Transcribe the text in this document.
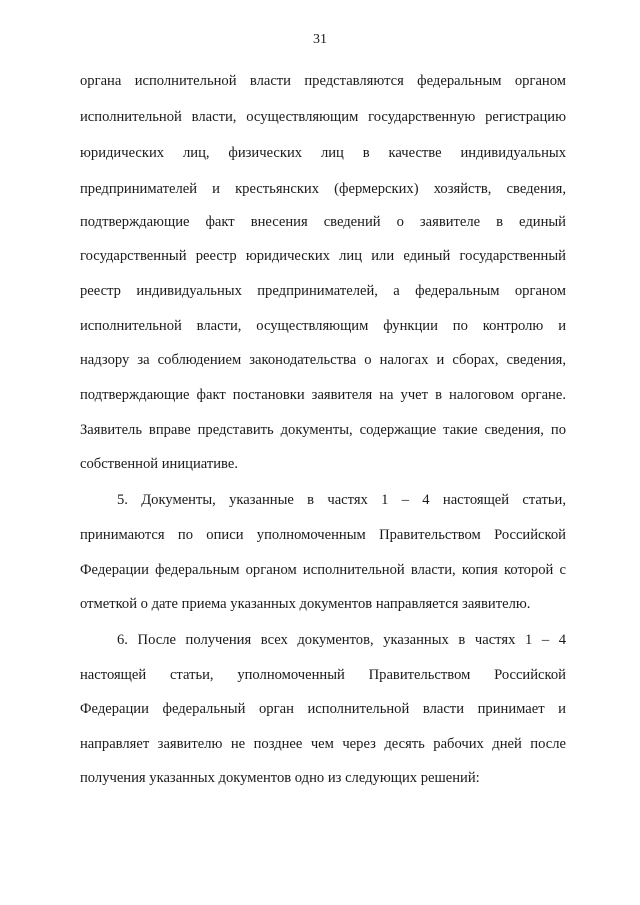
31
органа исполнительной власти представляются федеральным органом
исполнительной власти, осуществляющим государственную регистрацию
юридических лиц, физических лиц в качестве индивидуальных
предпринимателей и крестьянских (фермерских) хозяйств, сведения,
подтверждающие факт внесения сведений о заявителе в единый
государственный реестр юридических лиц или единый государственный
реестр индивидуальных предпринимателей, а федеральным органом
исполнительной власти, осуществляющим функции по контролю и
надзору за соблюдением законодательства о налогах и сборах, сведения,
подтверждающие факт постановки заявителя на учет в налоговом органе.
Заявитель вправе представить документы, содержащие такие сведения, по
собственной инициативе.
5. Документы, указанные в частях 1 – 4 настоящей статьи,
принимаются по описи уполномоченным Правительством Российской
Федерации федеральным органом исполнительной власти, копия которой с
отметкой о дате приема указанных документов направляется заявителю.
6. После получения всех документов, указанных в частях 1 – 4
настоящей статьи, уполномоченный Правительством Российской
Федерации федеральный орган исполнительной власти принимает и
направляет заявителю не позднее чем через десять рабочих дней после
получения указанных документов одно из следующих решений:
